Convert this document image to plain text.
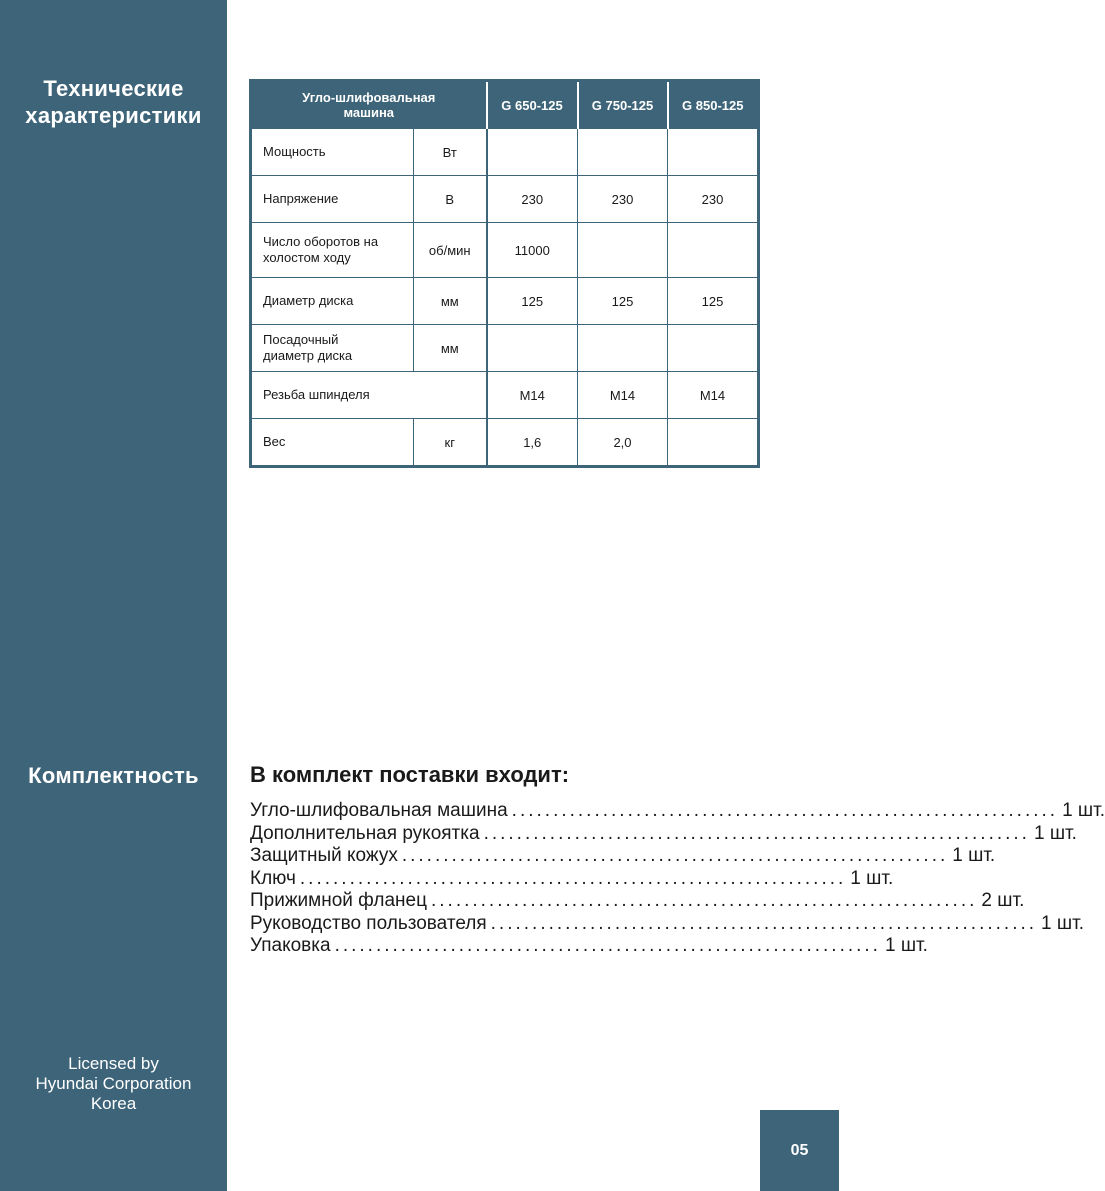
Технические
характеристики
Комплектность
Licensed by
Hyundai Corporation
Korea
Угло-шлифовальная
машина		G 650-125	G 750-125	G 850-125
Мощность	Вт			
Напряжение	В	230	230	230

Число оборотов на
холостом ходу	об/мин	11000		
Диаметр диска	мм	125	125	125

Посадочный
диаметр диска	мм			
Резьба шпинделя		M14	M14	M14
Вес	кг	1,6	2,0	
В комплект поставки входит:
Угло-шлифовальная машина .................................................................. 1 шт.
Дополнительная рукоятка .................................................................. 1 шт.
Защитный кожух .................................................................. 1 шт.
Ключ .................................................................. 1 шт.
Прижимной фланец .................................................................. 2 шт.
Руководство пользователя .................................................................. 1 шт.
Упаковка .................................................................. 1 шт.
05
